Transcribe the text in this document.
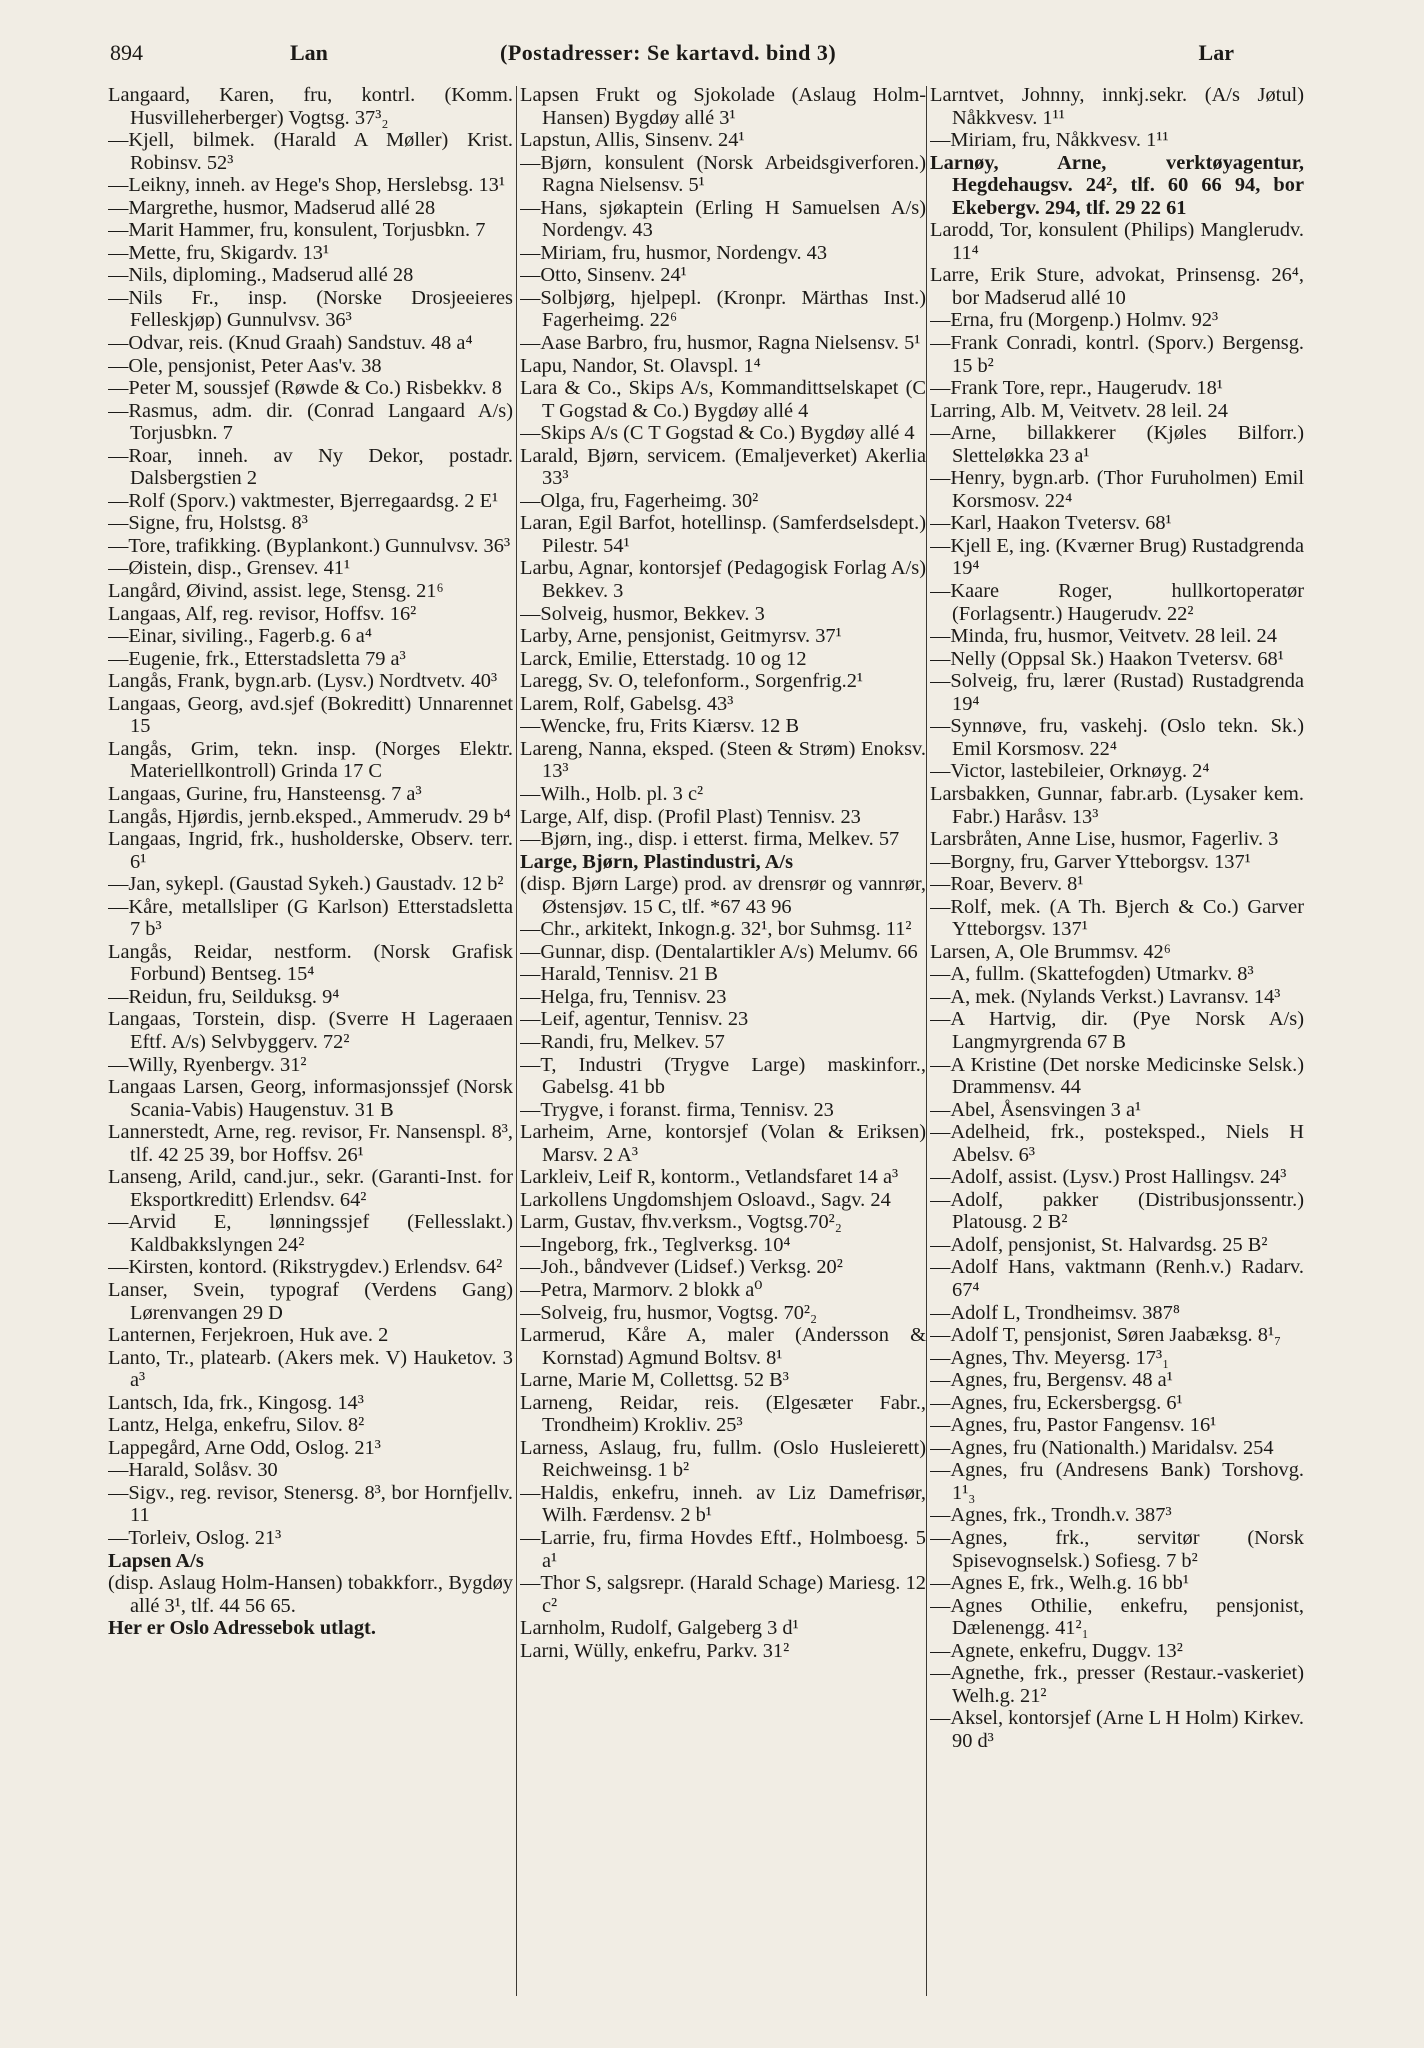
894	Lan	(Postadresser: Se kartavd. bind 3)	Lar

Langaard, Karen, fru, kontrl. (Komm. Husvilleherberger) Vogtsg. 37³₂

—Kjell, bilmek. (Harald A Møller) Krist. Robinsv. 52³

—Leikny, inneh. av Hege's Shop, Herslebsg. 13¹

—Margrethe, husmor, Madserud allé 28

—Marit Hammer, fru, konsulent, Torjusbkn. 7

—Mette, fru, Skigardv. 13¹

—Nils, diploming., Madserud allé 28

—Nils Fr., insp. (Norske Drosjeeieres Felleskjøp) Gunnulvsv. 36³

—Odvar, reis. (Knud Graah) Sandstuv. 48 a⁴

—Ole, pensjonist, Peter Aas'v. 38

—Peter M, soussjef (Røwde & Co.) Risbekkv. 8

—Rasmus, adm. dir. (Conrad Langaard A/s) Torjusbkn. 7

—Roar, inneh. av Ny Dekor, postadr. Dalsbergstien 2

—Rolf (Sporv.) vaktmester, Bjerregaardsg. 2 E¹

—Signe, fru, Holstsg. 8³

—Tore, trafikking. (Byplankont.) Gunnulvsv. 36³

—Øistein, disp., Grensev. 41¹

Langård, Øivind, assist. lege, Stensg. 21⁶

Langaas, Alf, reg. revisor, Hoffsv. 16²

—Einar, siviling., Fagerb.g. 6 a⁴

—Eugenie, frk., Etterstadsletta 79 a³

Langås, Frank, bygn.arb. (Lysv.) Nordtvetv. 40³

Langaas, Georg, avd.sjef (Bokreditt) Unnarennet 15

Langås, Grim, tekn. insp. (Norges Elektr. Materiellkontroll) Grinda 17 C

Langaas, Gurine, fru, Hansteensg. 7 a³

Langås, Hjørdis, jernb.eksped., Ammerudv. 29 b⁴

Langaas, Ingrid, frk., husholderske, Observ. terr. 6¹

—Jan, sykepl. (Gaustad Sykeh.) Gaustadv. 12 b²

—Kåre, metallsliper (G Karlson) Etterstadsletta 7 b³

Langås, Reidar, nestform. (Norsk Grafisk Forbund) Bentseg. 15⁴

—Reidun, fru, Seilduksg. 9⁴

Langaas, Torstein, disp. (Sverre H Lageraaen Eftf. A/s) Selvbyggerv. 72²

—Willy, Ryenbergv. 31²

Langaas Larsen, Georg, informasjonssjef (Norsk Scania-Vabis) Haugenstuv. 31 B

Lannerstedt, Arne, reg. revisor, Fr. Nansenspl. 8³, tlf. 42 25 39, bor Hoffsv. 26¹

Lanseng, Arild, cand.jur., sekr. (Garanti-Inst. for Eksportkreditt) Erlendsv. 64²

—Arvid E, lønningssjef (Fellesslakt.) Kaldbakkslyngen 24²

—Kirsten, kontord. (Rikstrygdev.) Erlendsv. 64²

Lanser, Svein, typograf (Verdens Gang) Lørenvangen 29 D

Lanternen, Ferjekroen, Huk ave. 2

Lanto, Tr., platearb. (Akers mek. V) Hauketov. 3 a³

Lantsch, Ida, frk., Kingosg. 14³

Lantz, Helga, enkefru, Silov. 8²

Lappegård, Arne Odd, Oslog. 21³

—Harald, Solåsv. 30

—Sigv., reg. revisor, Stenersg. 8³, bor Hornfjellv. 11

—Torleiv, Oslog. 21³

Lapsen A/s

(disp. Aslaug Holm-Hansen) tobakkforr., Bygdøy allé 3¹, tlf. 44 56 65.

Her er Oslo Adressebok utlagt.

Lapsen Frukt og Sjokolade (Aslaug Holm-Hansen) Bygdøy allé 3¹

Lapstun, Allis, Sinsenv. 24¹

—Bjørn, konsulent (Norsk Arbeidsgiverforen.) Ragna Nielsensv. 5¹

—Hans, sjøkaptein (Erling H Samuelsen A/s) Nordengv. 43

—Miriam, fru, husmor, Nordengv. 43

—Otto, Sinsenv. 24¹

—Solbjørg, hjelpepl. (Kronpr. Märthas Inst.) Fagerheimg. 22⁶

—Aase Barbro, fru, husmor, Ragna Nielsensv. 5¹

Lapu, Nandor, St. Olavspl. 1⁴

Lara & Co., Skips A/s, Kommandittselskapet (C T Gogstad & Co.) Bygdøy allé 4

—Skips A/s (C T Gogstad & Co.) Bygdøy allé 4

Larald, Bjørn, servicem. (Emaljeverket) Akerlia 33³

—Olga, fru, Fagerheimg. 30²

Laran, Egil Barfot, hotellinsp. (Samferdselsdept.) Pilestr. 54¹

Larbu, Agnar, kontorsjef (Pedagogisk Forlag A/s) Bekkev. 3

—Solveig, husmor, Bekkev. 3

Larby, Arne, pensjonist, Geitmyrsv. 37¹

Larck, Emilie, Etterstadg. 10 og 12

Laregg, Sv. O, telefonform., Sorgenfrig.2¹

Larem, Rolf, Gabelsg. 43³

—Wencke, fru, Frits Kiærsv. 12 B

Lareng, Nanna, eksped. (Steen & Strøm) Enoksv. 13³

—Wilh., Holb. pl. 3 c²

Large, Alf, disp. (Profil Plast) Tennisv. 23

—Bjørn, ing., disp. i etterst. firma, Melkev. 57

Large, Bjørn, Plastindustri, A/s

(disp. Bjørn Large) prod. av drensrør og vannrør, Østensjøv. 15 C, tlf. *67 43 96

—Chr., arkitekt, Inkogn.g. 32¹, bor Suhmsg. 11²

—Gunnar, disp. (Dentalartikler A/s) Melumv. 66

—Harald, Tennisv. 21 B

—Helga, fru, Tennisv. 23

—Leif, agentur, Tennisv. 23

—Randi, fru, Melkev. 57

—T, Industri (Trygve Large) maskinforr., Gabelsg. 41 bb

—Trygve, i foranst. firma, Tennisv. 23

Larheim, Arne, kontorsjef (Volan & Eriksen) Marsv. 2 A³

Larkleiv, Leif R, kontorm., Vetlandsfaret 14 a³

Larkollens Ungdomshjem Osloavd., Sagv. 24

Larm, Gustav, fhv.verksm., Vogtsg.70²₂

—Ingeborg, frk., Teglverksg. 10⁴

—Joh., båndvever (Lidsef.) Verksg. 20²

—Petra, Marmorv. 2 blokk a⁰

—Solveig, fru, husmor, Vogtsg. 70²₂

Larmerud, Kåre A, maler (Andersson & Kornstad) Agmund Boltsv. 8¹

Larne, Marie M, Collettsg. 52 B³

Larneng, Reidar, reis. (Elgesæter Fabr., Trondheim) Krokliv. 25³

Larness, Aslaug, fru, fullm. (Oslo Husleierett) Reichweinsg. 1 b²

—Haldis, enkefru, inneh. av Liz Damefrisør, Wilh. Færdensv. 2 b¹

—Larrie, fru, firma Hovdes Eftf., Holmboesg. 5 a¹

—Thor S, salgsrepr. (Harald Schage) Mariesg. 12 c²

Larnholm, Rudolf, Galgeberg 3 d¹

Larni, Wülly, enkefru, Parkv. 31²

Larntvet, Johnny, innkj.sekr. (A/s Jøtul) Nåkkvesv. 1¹¹

—Miriam, fru, Nåkkvesv. 1¹¹

Larnøy, Arne, verktøyagentur, Hegdehaugsv. 24², tlf. 60 66 94, bor Ekebergv. 294, tlf. 29 22 61

Larodd, Tor, konsulent (Philips) Manglerudv. 11⁴

Larre, Erik Sture, advokat, Prinsensg. 26⁴, bor Madserud allé 10

—Erna, fru (Morgenp.) Holmv. 92³

—Frank Conradi, kontrl. (Sporv.) Bergensg. 15 b²

—Frank Tore, repr., Haugerudv. 18¹

Larring, Alb. M, Veitvetv. 28 leil. 24

—Arne, billakkerer (Kjøles Bilforr.) Sletteløkka 23 a¹

—Henry, bygn.arb. (Thor Furuholmen) Emil Korsmosv. 22⁴

—Karl, Haakon Tvetersv. 68¹

—Kjell E, ing. (Kværner Brug) Rustadgrenda 19⁴

—Kaare Roger, hullkortoperatør (Forlagsentr.) Haugerudv. 22²

—Minda, fru, husmor, Veitvetv. 28 leil. 24

—Nelly (Oppsal Sk.) Haakon Tvetersv. 68¹

—Solveig, fru, lærer (Rustad) Rustadgrenda 19⁴

—Synnøve, fru, vaskehj. (Oslo tekn. Sk.) Emil Korsmosv. 22⁴

—Victor, lastebileier, Orknøyg. 2⁴

Larsbakken, Gunnar, fabr.arb. (Lysaker kem. Fabr.) Haråsv. 13³

Larsbråten, Anne Lise, husmor, Fagerliv. 3

—Borgny, fru, Garver Ytteborgsv. 137¹

—Roar, Beverv. 8¹

—Rolf, mek. (A Th. Bjerch & Co.) Garver Ytteborgsv. 137¹

Larsen, A, Ole Brummsv. 42⁶

—A, fullm. (Skattefogden) Utmarkv. 8³

—A, mek. (Nylands Verkst.) Lavransv. 14³

—A Hartvig, dir. (Pye Norsk A/s) Langmyrgrenda 67 B

—A Kristine (Det norske Medicinske Selsk.) Drammensv. 44

—Abel, Åsensvingen 3 a¹

—Adelheid, frk., posteksped., Niels H Abelsv. 6³

—Adolf, assist. (Lysv.) Prost Hallingsv. 24³

—Adolf, pakker (Distribusjonssentr.) Platousg. 2 B²

—Adolf, pensjonist, St. Halvardsg. 25 B²

—Adolf Hans, vaktmann (Renh.v.) Radarv. 67⁴

—Adolf L, Trondheimsv. 387⁸

—Adolf T, pensjonist, Søren Jaabæksg. 8¹₇

—Agnes, Thv. Meyersg. 17³₁

—Agnes, fru, Bergensv. 48 a¹

—Agnes, fru, Eckersbergsg. 6¹

—Agnes, fru, Pastor Fangensv. 16¹

—Agnes, fru (Nationalth.) Maridalsv. 254

—Agnes, fru (Andresens Bank) Torshovg. 1¹₃

—Agnes, frk., Trondh.v. 387³

—Agnes, frk., servitør (Norsk Spisevognselsk.) Sofiesg. 7 b²

—Agnes E, frk., Welh.g. 16 bb¹

—Agnes Othilie, enkefru, pensjonist, Dælenengg. 41²₁

—Agnete, enkefru, Duggv. 13²

—Agnethe, frk., presser (Restaur.-vaskeriet) Welh.g. 21²

—Aksel, kontorsjef (Arne L H Holm) Kirkev. 90 d³
